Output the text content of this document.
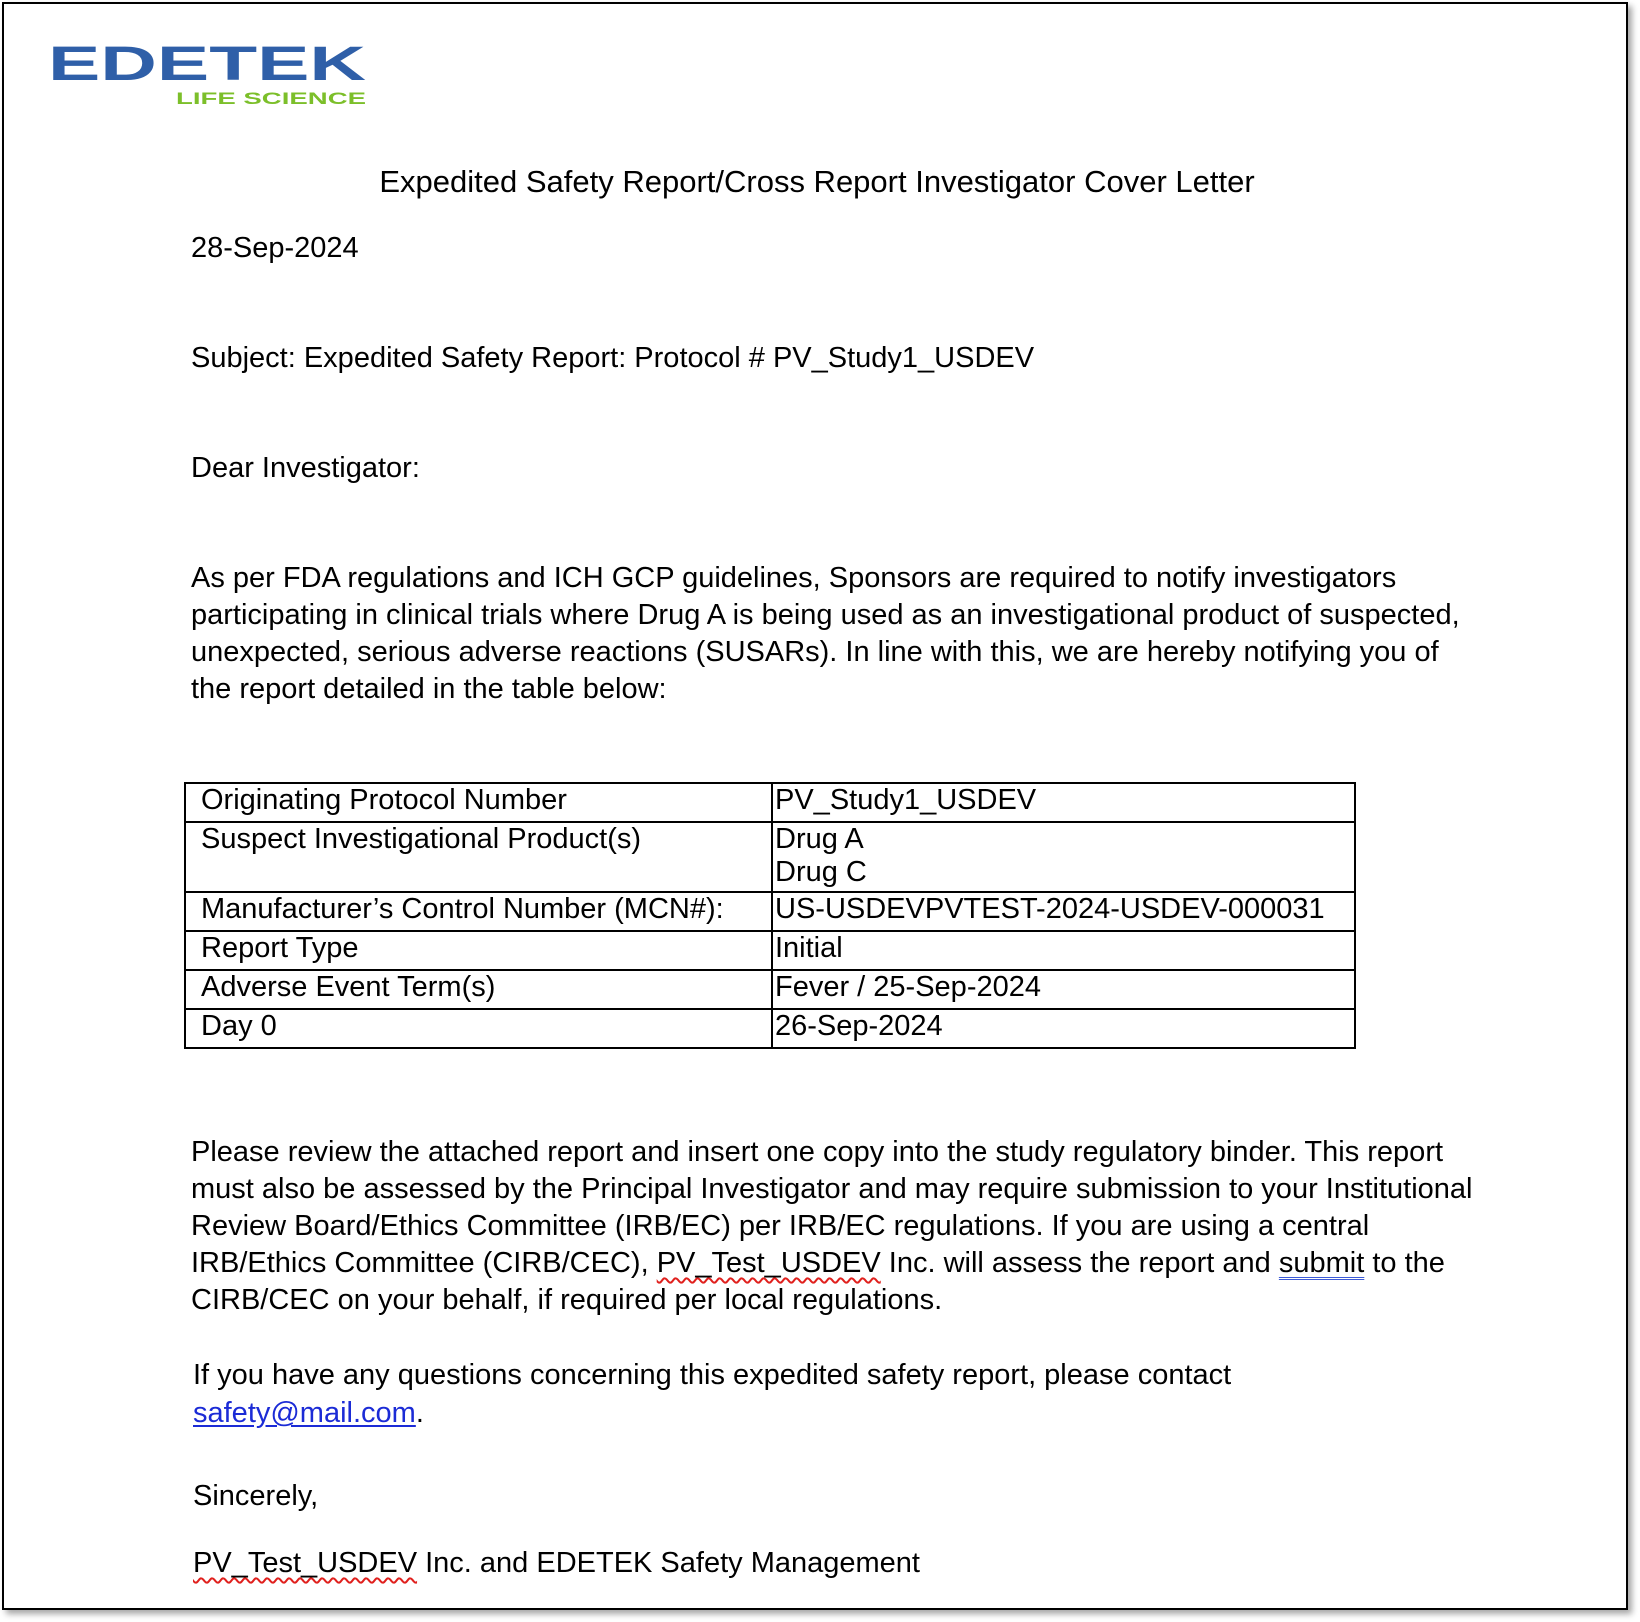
EDETEK
LIFE SCIENCE
Expedited Safety Report/Cross Report Investigator Cover Letter

28-Sep-2024

Subject: Expedited Safety Report: Protocol # PV_Study1_USDEV

Dear Investigator:

As per FDA regulations and ICH GCP guidelines, Sponsors are required to notify investigators participating in clinical trials where Drug A is being used as an investigational product of suspected, unexpected, serious adverse reactions (SUSARs). In line with this, we are hereby notifying you of the report detailed in the table below:

Originating Protocol Number	PV_Study1_USDEV

Suspect Investigational Product(s)	Drug A
Drug C

Manufacturer’s Control Number (MCN#):	US-USDEVPVTEST-2024-USDEV-000031

Report Type	Initial

Adverse Event Term(s)	Fever / 25-Sep-2024

Day 0	26-Sep-2024

Please review the attached report and insert one copy into the study regulatory binder. This report must also be assessed by the Principal Investigator and may require submission to your Institutional Review Board/Ethics Committee (IRB/EC) per IRB/EC regulations. If you are using a central IRB/Ethics Committee (CIRB/CEC), PV_Test_USDEV Inc. will assess the report and submit to the CIRB/CEC on your behalf, if required per local regulations.

If you have any questions concerning this expedited safety report, please contact safety@mail.com.

Sincerely,

PV_Test_USDEV Inc. and EDETEK Safety Management
